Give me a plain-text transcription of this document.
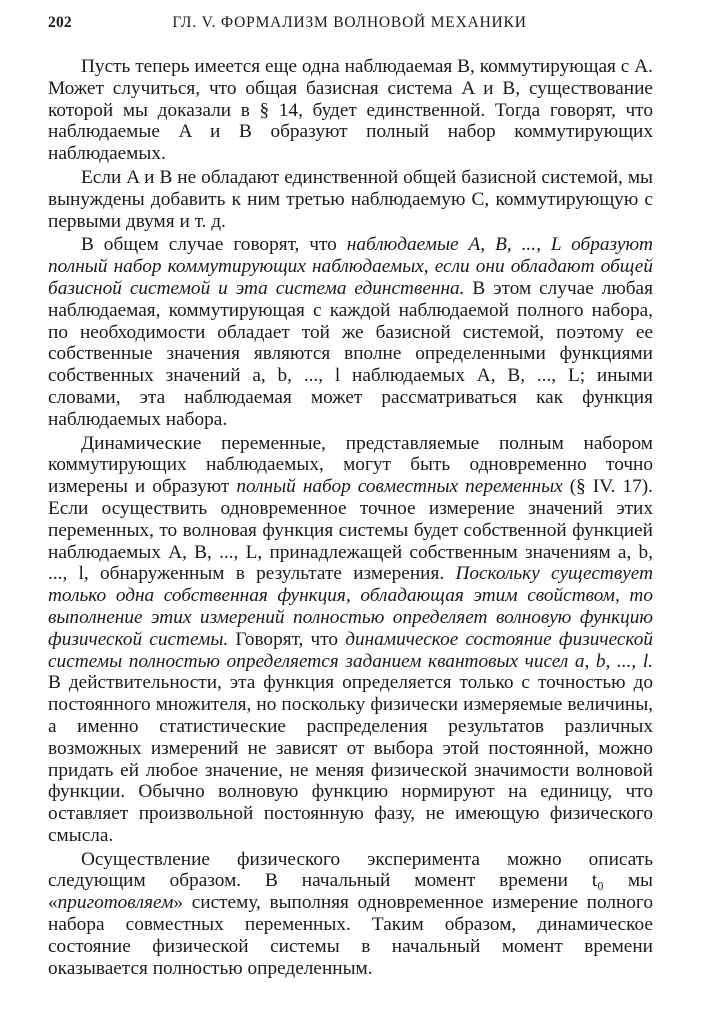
202	ГЛ. V. ФОРМАЛИЗМ ВОЛНОВОЙ МЕХАНИКИ

Пусть теперь имеется еще одна наблюдаемая B, коммутирующая с A. Может случиться, что общая базисная система A и B, существование которой мы доказали в § 14, будет единственной. Тогда говорят, что наблюдаемые A и B образуют полный набор коммутирующих наблюдаемых.

Если A и B не обладают единственной общей базисной системой, мы вынуждены добавить к ним третью наблюдаемую C, коммутирующую с первыми двумя и т. д.

В общем случае говорят, что наблюдаемые A, B, ..., L образуют полный набор коммутирующих наблюдаемых, если они обладают общей базисной системой и эта система единственна. В этом случае любая наблюдаемая, коммутирующая с каждой наблюдаемой полного набора, по необходимости обладает той же базисной системой, поэтому ее собственные значения являются вполне определенными функциями собственных значений a, b, ..., l наблюдаемых A, B, ..., L; иными словами, эта наблюдаемая может рассматриваться как функция наблюдаемых набора.

Динамические переменные, представляемые полным набором коммутирующих наблюдаемых, могут быть одновременно точно измерены и образуют полный набор совместных переменных (§ IV. 17). Если осуществить одновременное точное измерение значений этих переменных, то волновая функция системы будет собственной функцией наблюдаемых A, B, ..., L, принадлежащей собственным значениям a, b, ..., l, обнаруженным в результате измерения. Поскольку существует только одна собственная функция, обладающая этим свойством, то выполнение этих измерений полностью определяет волновую функцию физической системы. Говорят, что динамическое состояние физической системы полностью определяется заданием квантовых чисел a, b, ..., l. В действительности, эта функция определяется только с точностью до постоянного множителя, но поскольку физически измеряемые величины, а именно статистические распределения результатов различных возможных измерений не зависят от выбора этой постоянной, можно придать ей любое значение, не меняя физической значимости волновой функции. Обычно волновую функцию нормируют на единицу, что оставляет произвольной постоянную фазу, не имеющую физического смысла.

Осуществление физического эксперимента можно описать следующим образом. В начальный момент времени t₀ мы «приготовляем» систему, выполняя одновременное измерение полного набора совместных переменных. Таким образом, динамическое состояние физической системы в начальный момент времени оказывается полностью определенным.
